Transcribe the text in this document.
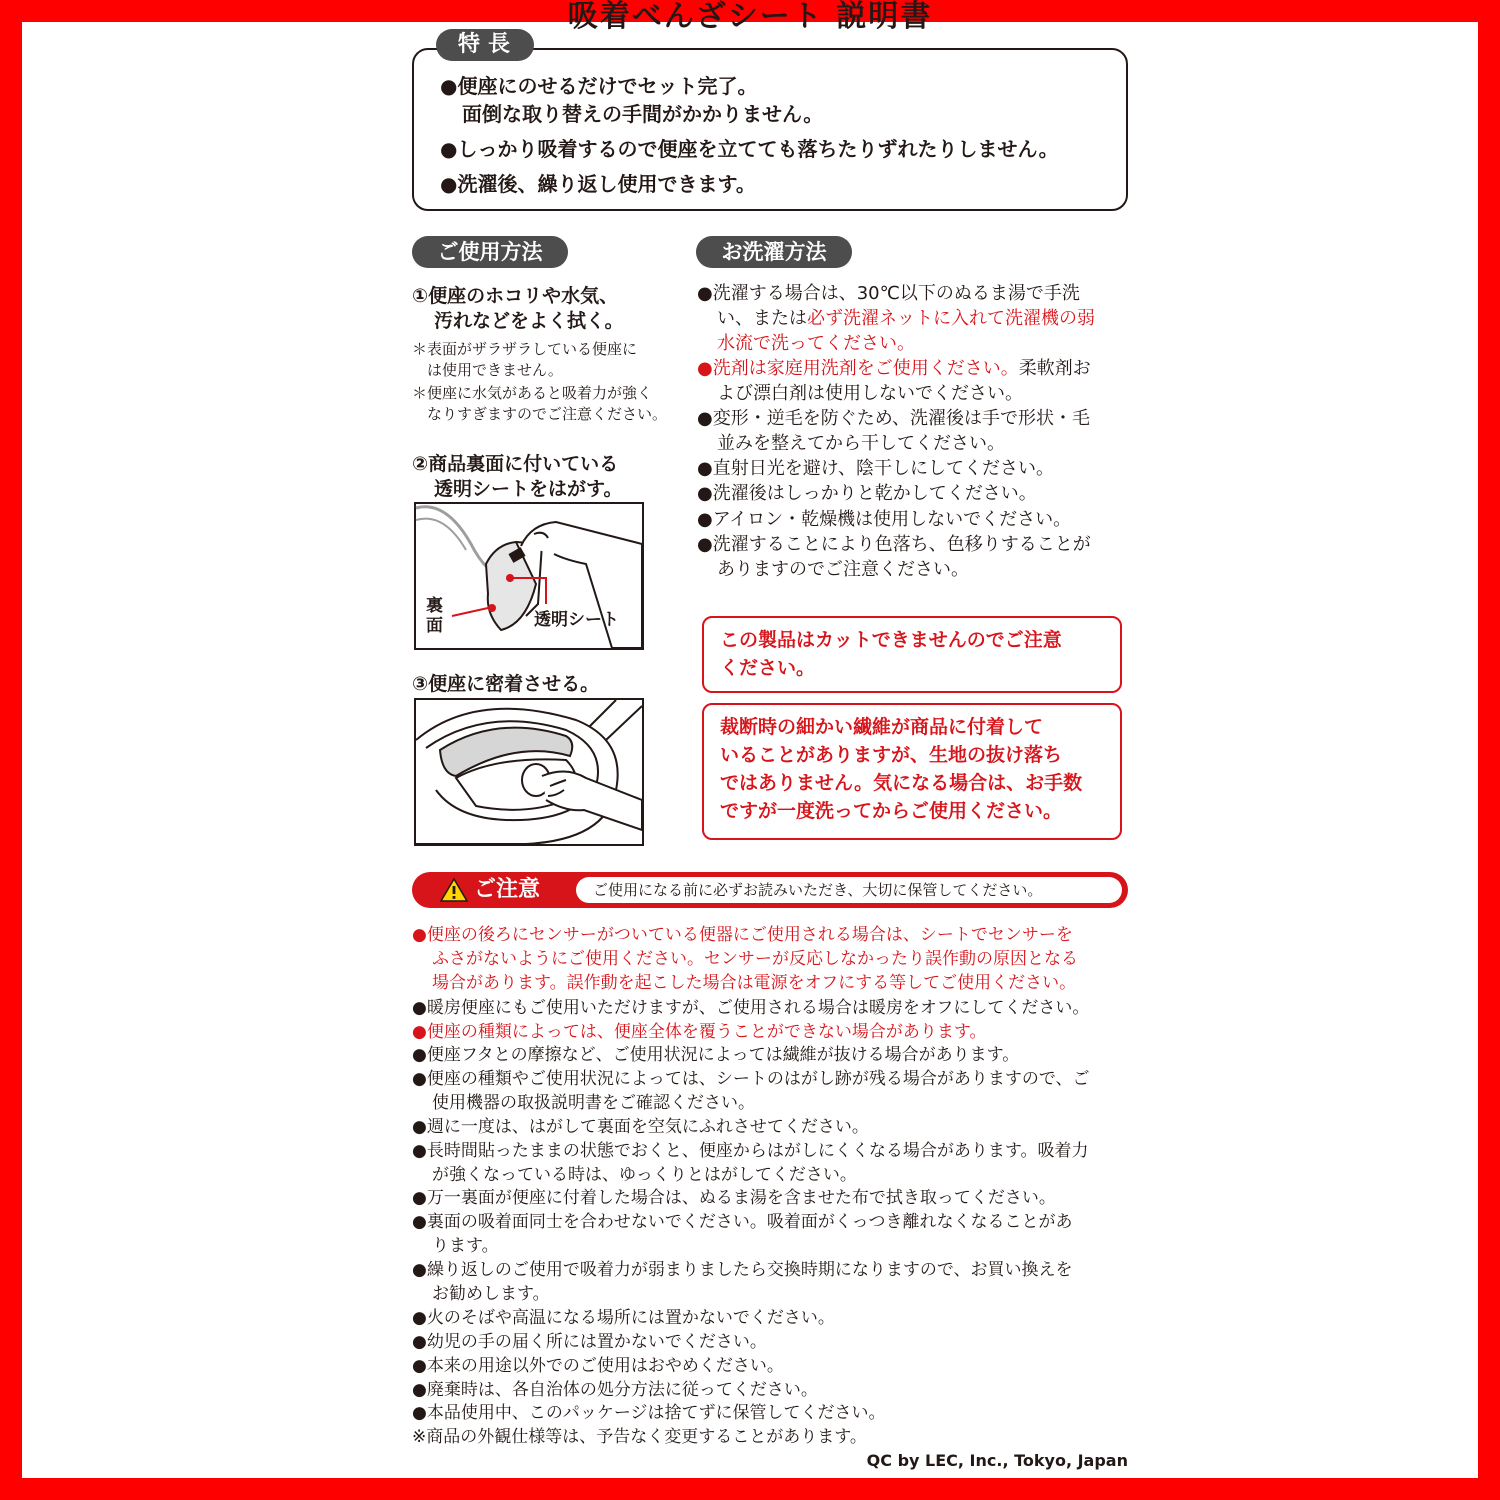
吸着べんざシート 説明書
特長
●便座にのせるだけでセット完了。
面倒な取り替えの手間がかかりません。
●しっかり吸着するので便座を立てても落ちたりずれたりしません。
●洗濯後、繰り返し使用できます。
ご使用方法
①便座のホコリや水気、
汚れなどをよく拭く。
＊表面がザラザラしている便座に
は使用できません。
＊便座に水気があると吸着力が強く
なりすぎますのでご注意ください。
②商品裏面に付いている
透明シートをはがす。
裏面	透明シート
③便座に密着させる。
お洗濯方法
●洗濯する場合は、30℃以下のぬるま湯で手洗
い、または必ず洗濯ネットに入れて洗濯機の弱
水流で洗ってください。
●洗剤は家庭用洗剤をご使用ください。柔軟剤お
よび漂白剤は使用しないでください。
●変形・逆毛を防ぐため、洗濯後は手で形状・毛
並みを整えてから干してください。
●直射日光を避け、陰干しにしてください。
●洗濯後はしっかりと乾かしてください。
●アイロン・乾燥機は使用しないでください。
●洗濯することにより色落ち、色移りすることが
ありますのでご注意ください。
この製品はカットできませんのでご注意
ください。
裁断時の細かい繊維が商品に付着して
いることがありますが、生地の抜け落ち
ではありません。気になる場合は、お手数
ですが一度洗ってからご使用ください。
ご注意	ご使用になる前に必ずお読みいただき、大切に保管してください。
●便座の後ろにセンサーがついている便器にご使用される場合は、シートでセンサーを
ふさがないようにご使用ください。センサーが反応しなかったり誤作動の原因となる
場合があります。誤作動を起こした場合は電源をオフにする等してご使用ください。
●暖房便座にもご使用いただけますが、ご使用される場合は暖房をオフにしてください。
●便座の種類によっては、便座全体を覆うことができない場合があります。
●便座フタとの摩擦など、ご使用状況によっては繊維が抜ける場合があります。
●便座の種類やご使用状況によっては、シートのはがし跡が残る場合がありますので、ご
使用機器の取扱説明書をご確認ください。
●週に一度は、はがして裏面を空気にふれさせてください。
●長時間貼ったままの状態でおくと、便座からはがしにくくなる場合があります。吸着力
が強くなっている時は、ゆっくりとはがしてください。
●万一裏面が便座に付着した場合は、ぬるま湯を含ませた布で拭き取ってください。
●裏面の吸着面同士を合わせないでください。吸着面がくっつき離れなくなることがあ
ります。
●繰り返しのご使用で吸着力が弱まりましたら交換時期になりますので、お買い換えを
お勧めします。
●火のそばや高温になる場所には置かないでください。
●幼児の手の届く所には置かないでください。
●本来の用途以外でのご使用はおやめください。
●廃棄時は、各自治体の処分方法に従ってください。
●本品使用中、このパッケージは捨てずに保管してください。
※商品の外観仕様等は、予告なく変更することがあります。
QC by LEC, Inc., Tokyo, Japan
